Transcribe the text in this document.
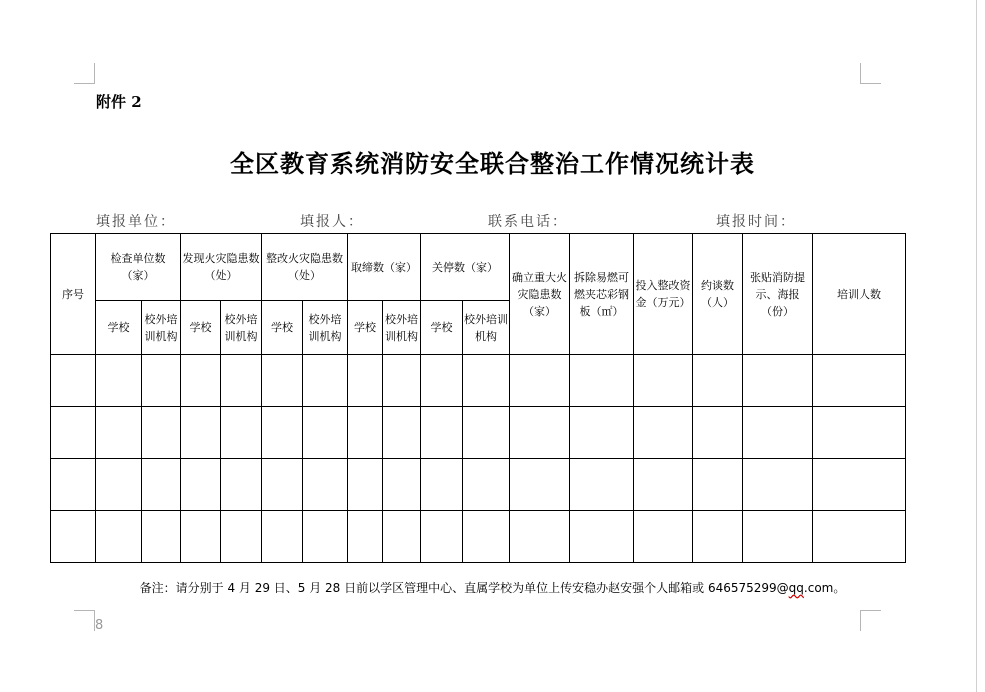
附件 2
全区教育系统消防安全联合整治工作情况统计表
填报单位：	填报人：	联系电话：	填报时间：
序号	检查单位数（家）		发现火灾隐患数（处）		整改火灾隐患数（处）		取缔数（家）		关停数（家）		确立重大火灾隐患数（家）	拆除易燃可燃夹芯彩钢板（㎡）	投入整改资金（万元）	约谈数（人）	张贴消防提示、海报（份）	培训人数
	学校	校外培训机构	学校	校外培训机构	学校	校外培训机构	学校	校外培训机构	学校	校外培训机构						

备注：请分别于 4 月 29 日、5 月 28 日前以学区管理中心、直属学校为单位上传安稳办赵安强个人邮箱或 646575299@qq.com。
8
